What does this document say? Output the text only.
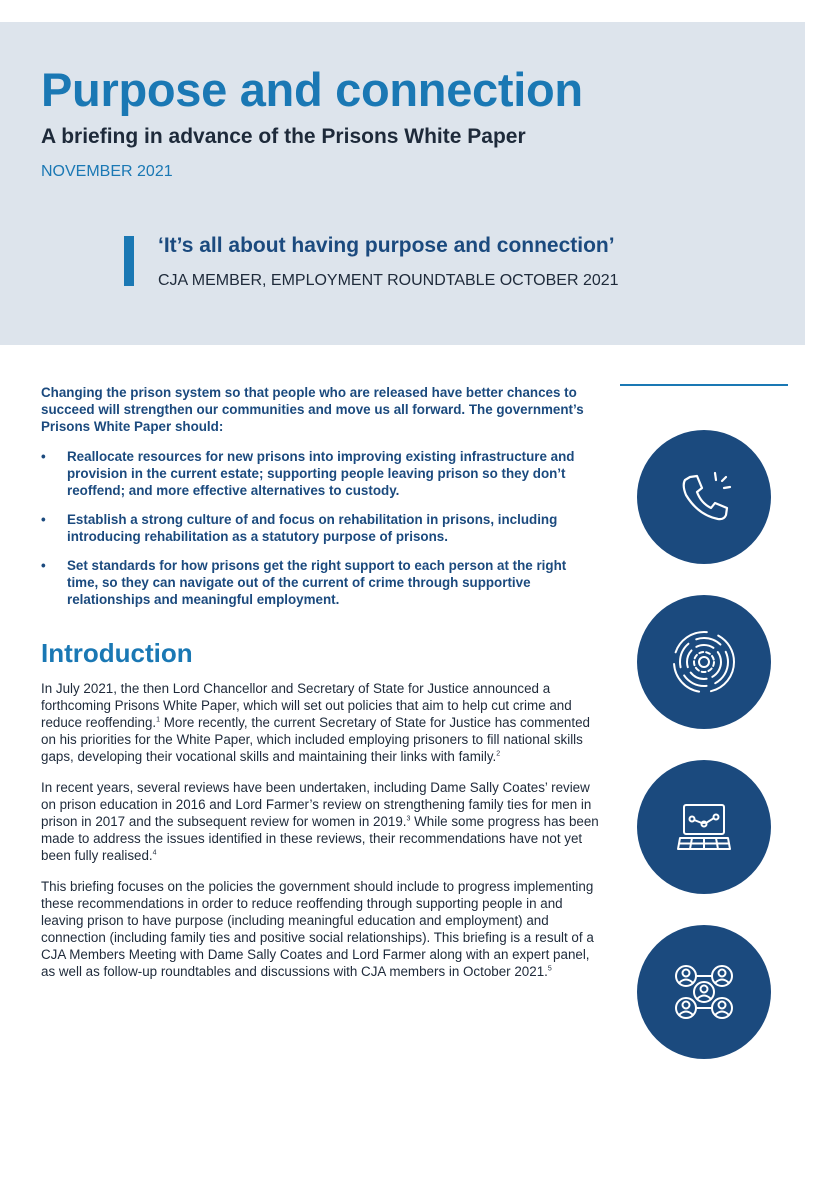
Purpose and connection
A briefing in advance of the Prisons White Paper
NOVEMBER 2021
‘It’s all about having purpose and connection’
CJA MEMBER, EMPLOYMENT ROUNDTABLE OCTOBER 2021

Changing the prison system so that people who are released have better chances to succeed will strengthen our communities and move us all forward. The government’s Prisons White Paper should:

• Reallocate resources for new prisons into improving existing infrastructure and provision in the current estate; supporting people leaving prison so they don’t reoffend; and more effective alternatives to custody.
• Establish a strong culture of and focus on rehabilitation in prisons, including introducing rehabilitation as a statutory purpose of prisons.
• Set standards for how prisons get the right support to each person at the right time, so they can navigate out of the current of crime through supportive relationships and meaningful employment.
Introduction

In July 2021, the then Lord Chancellor and Secretary of State for Justice announced a forthcoming Prisons White Paper, which will set out policies that aim to help cut crime and reduce reoffending.$^1$ More recently, the current Secretary of State for Justice has commented on his priorities for the White Paper, which included employing prisoners to fill national skills gaps, developing their vocational skills and maintaining their links with family.$^2$

In recent years, several reviews have been undertaken, including Dame Sally Coates’ review on prison education in 2016 and Lord Farmer’s review on strengthening family ties for men in prison in 2017 and the subsequent review for women in 2019.$^3$ While some progress has been made to address the issues identified in these reviews, their recommendations have not yet been fully realised.$^4$

This briefing focuses on the policies the government should include to progress implementing these recommendations in order to reduce reoffending through supporting people in and leaving prison to have purpose (including meaningful education and employment) and connection (including family ties and positive social relationships). This briefing is a result of a CJA Members Meeting with Dame Sally Coates and Lord Farmer along with an expert panel, as well as follow-up roundtables and discussions with CJA members in October 2021.$^5$
